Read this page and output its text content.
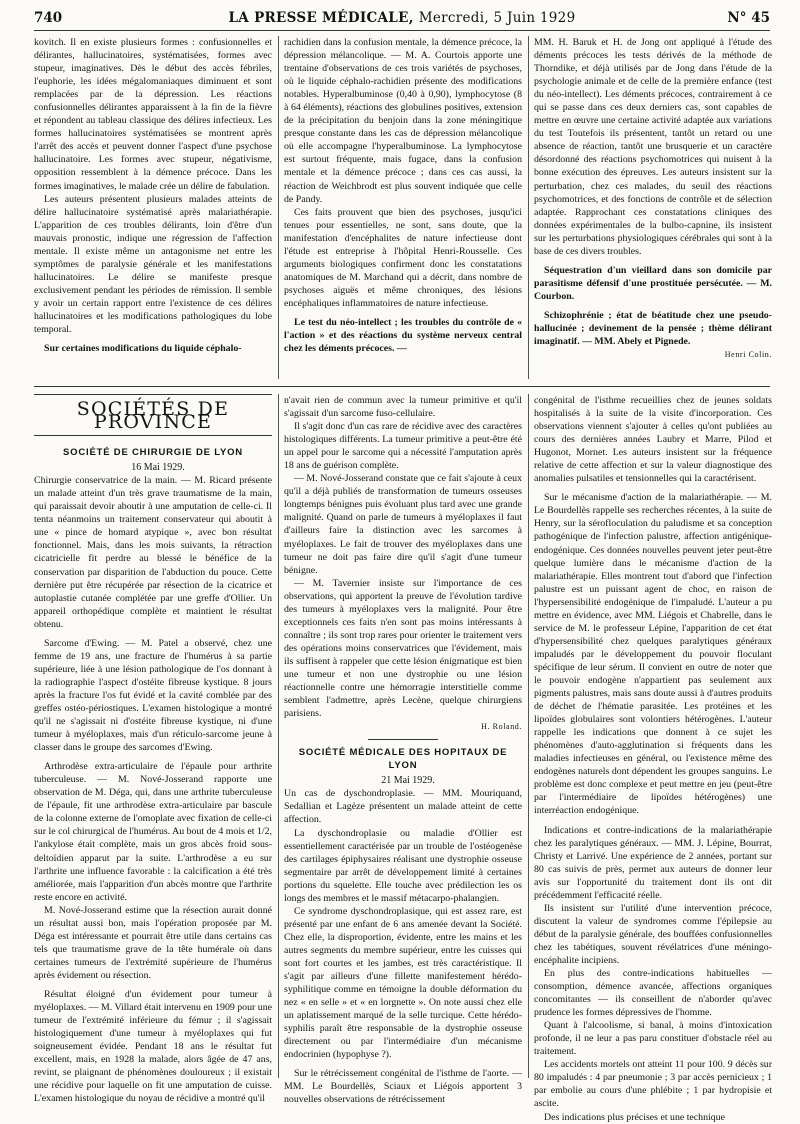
740	LA PRESSE MÉDICALE, Mercredi, 5 Juin 1929	N° 45

kovitch. Il en existe plusieurs formes : confusionnelles et délirantes, hallucinatoires, systématisées, formes avec stupeur, imaginatives. Dès le début des accès fébriles, l'euphorie, les idées mégalomaniaques diminuent et sont remplacées par de la dépression. Les réactions confusionnelles délirantes apparaissent à la fin de la fièvre et répondent au tableau classique des délires infectieux. Les formes hallucinatoires systématisées se montrent après l'arrêt des accès et peuvent donner l'aspect d'une psychose hallucinatoire. Les formes avec stupeur, négativisme, opposition ressemblent à la démence précoce. Dans les formes imaginatives, le malade crée un délire de fabulation.

Les auteurs présentent plusieurs malades atteints de délire hallucinatoire systématisé après malariathérapie. L'apparition de ces troubles délirants, loin d'être d'un mauvais pronostic, indique une régression de l'affection mentale. Il existe même un antagonisme net entre les symptômes de paralysie générale et les manifestations hallucinatoires. Le délire se manifeste presque exclusivement pendant les périodes de rémission. Il semble y avoir un certain rapport entre l'existence de ces délires hallucinatoires et les modifications pathologiques du lobe temporal.

Sur certaines modifications du liquide céphalo-

rachidien dans la confusion mentale, la démence précoce, la dépression mélancolique. — M. A. Courtois apporte une trentaine d'observations de ces trois variétés de psychoses, où le liquide céphalo-rachidien présente des modifications notables. Hyperalbuminose (0,40 à 0,90), lymphocytose (8 à 64 éléments), réactions des globulines positives, extension de la précipitation du benjoin dans la zone méningitique presque constante dans les cas de dépression mélancolique où elle accompagne l'hyperalbuminose. La lymphocytose est surtout fréquente, mais fugace, dans la confusion mentale et la démence précoce ; dans ces cas aussi, la réaction de Weichbrodt est plus souvent indiquée que celle de Pandy.

Ces faits prouvent que bien des psychoses, jusqu'ici tenues pour essentielles, ne sont, sans doute, que la manifestation d'encéphalites de nature infectieuse dont l'étude est entreprise à l'hôpital Henri-Rousselle. Ces arguments biologiques confirment donc les constatations anatomiques de M. Marchand qui a décrit, dans nombre de psychoses aiguës et même chroniques, des lésions encéphaliques inflammatoires de nature infectieuse.

Le test du néo-intellect ; les troubles du contrôle de « l'action » et des réactions du système nerveux central chez les déments précoces. —

MM. H. Baruk et H. de Jong ont appliqué à l'étude des déments précoces les tests dérivés de la méthode de Thorndike, et déjà utilisés par de Jong dans l'étude de la psychologie animale et de celle de la première enfance (test du néo-intellect). Les déments précoces, contrairement à ce qui se passe dans ces deux derniers cas, sont capables de mettre en œuvre une certaine activité adaptée aux variations du test Toutefois ils présentent, tantôt un retard ou une absence de réaction, tantôt une brusquerie et un caractère désordonné des réactions psychomotrices qui nuisent à la bonne exécution des épreuves. Les auteurs insistent sur la perturbation, chez ces malades, du seuil des réactions psychomotrices, et des fonctions de contrôle et de sélection adaptée. Rapprochant ces constatations cliniques des données expérimentales de la bulbo-capnine, ils insistent sur les perturbations physiologiques cérébrales qui sont à la base de ces divers troubles.

Séquestration d'un vieillard dans son domicile par parasitisme défensif d'une prostituée persécutée. — M. Courbon.

Schizophrénie ; état de béatitude chez une pseudo-hallucinée ; devinement de la pensée ; thème délirant imaginatif. — MM. Abely et Pignede.

Henri Colin.

SOCIÉTÉS DE PROVINCE
SOCIÉTÉ DE CHIRURGIE DE LYON

16 Mai 1929.

Chirurgie conservatrice de la main. — M. Ricard présente un malade atteint d'un très grave traumatisme de la main, qui paraissait devoir aboutir à une amputation de celle-ci. Il tenta néanmoins un traitement conservateur qui aboutit à une « pince de homard atypique », avec bon résultat fonctionnel. Mais, dans les mois suivants, la rétraction cicatricielle fit perdre au blessé le bénéfice de la conservation par disparition de l'abduction du pouce. Cette dernière put être récupérée par résection de la cicatrice et autoplastie cutanée complétée par une greffe d'Ollier. Un appareil orthopédique complète et maintient le résultat obtenu.

Sarcome d'Ewing. — M. Patel a observé, chez une femme de 19 ans, une fracture de l'humérus à sa partie supérieure, liée à une lésion pathologique de l'os donnant à la radiographie l'aspect d'ostéite fibreuse kystique. 8 jours après la fracture l'os fut évidé et la cavité comblée par des greffes ostéo-périostiques. L'examen histologique a montré qu'il ne s'agissait ni d'ostéite fibreuse kystique, ni d'une tumeur à myéloplaxes, mais d'un réticulo-sarcome jeune à classer dans le groupe des sarcomes d'Ewing.

Arthrodèse extra-articulaire de l'épaule pour arthrite tuberculeuse. — M. Nové-Josserand rapporte une observation de M. Déga, qui, dans une arthrite tuberculeuse de l'épaule, fit une arthrodèse extra-articulaire par bascule de la colonne externe de l'omoplate avec fixation de celle-ci sur le col chirurgical de l'humérus. Au bout de 4 mois et 1/2, l'ankylose était complète, mais un gros abcès froid sous-deltoïdien apparut par la suite. L'arthrodèse a eu sur l'arthrite une influence favorable : la calcification a été très améliorée, mais l'apparition d'un abcès montre que l'arthrite reste encore en activité.

M. Nové-Josserand estime que la résection aurait donné un résultat aussi bon, mais l'opération proposée par M. Déga est intéressante et pourrait être utile dans certains cas tels que traumatisme grave de la tête humérale où dans certaines tumeurs de l'extrémité supérieure de l'humérus après évidement ou résection.

Résultat éloigné d'un évidement pour tumeur à myéloplaxes. — M. Villard était intervenu en 1909 pour une tumeur de l'extrémité inférieure du fémur ; il s'agissait histologiquement d'une tumeur à myéloplaxes qui fut soigneusement évidée. Pendant 18 ans le résultat fut excellent, mais, en 1928 la malade, alors âgée de 47 ans, revint, se plaignant de phénomènes douloureux ; il existait une récidive pour laquelle on fit une amputation de cuisse. L'examen histologique du noyau de récidive a montré qu'il

n'avait rien de commun avec la tumeur primitive et qu'il s'agissait d'un sarcome fuso-cellulaire.

Il s'agit donc d'un cas rare de récidive avec des caractères histologiques différents. La tumeur primitive a peut-être été un appel pour le sarcome qui a nécessité l'amputation après 18 ans de guérison complète.

— M. Nové-Josserand constate que ce fait s'ajoute à ceux qu'il a déjà publiés de transformation de tumeurs osseuses longtemps bénignes puis évoluant plus tard avec une grande malignité. Quand on parle de tumeurs à myéloplaxes il faut d'ailleurs faire la distinction avec les sarcomes à myéloplaxes. Le fait de trouver des myéloplaxes dans une tumeur ne doit pas faire dire qu'il s'agit d'une tumeur bénigne.

— M. Tavernier insiste sur l'importance de ces observations, qui apportent la preuve de l'évolution tardive des tumeurs à myéloplaxes vers la malignité. Pour être exceptionnels ces faits n'en sont pas moins intéressants à connaître ; ils sont trop rares pour orienter le traitement vers des opérations moins conservatrices que l'évidement, mais ils suffisent à rappeler que cette lésion énigmatique est bien une tumeur et non une dystrophie ou une lésion réactionnelle contre une hémorragie interstitielle comme semblent l'admettre, après Lecène, quelque chirurgiens parisiens.

H. Roland.

SOCIÉTÉ MÉDICALE DES HOPITAUX DE LYON

21 Mai 1929.

Un cas de dyschondroplasie. — MM. Mouriquand, Sedallian et Lagèze présentent un malade atteint de cette affection.

La dyschondroplasie ou maladie d'Ollier est essentiellement caractérisée par un trouble de l'ostéogenèse des cartilages épiphysaires réalisant une dystrophie osseuse segmentaire par arrêt de développement limité à certaines portions du squelette. Elle touche avec prédilection les os longs des membres et le massif métacarpo-phalangien.

Ce syndrome dyschondroplasique, qui est assez rare, est présenté par une enfant de 6 ans amenée devant la Société. Chez elle, la disproportion, évidente, entre les mains et les autres segments du membre supérieur, entre les cuisses qui sont fort courtes et les jambes, est très caractéristique. Il s'agit par ailleurs d'une fillette manifestement hérédo-syphilitique comme en témoigne la double déformation du nez « en selle » et « en lorgnette ». On note aussi chez elle un aplatissement marqué de la selle turcique. Cette hérédo-syphilis paraît être responsable de la dystrophie osseuse directement ou par l'intermédiaire d'un mécanisme endocrinien (hypophyse ?).

Sur le rétrécissement congénital de l'isthme de l'aorte. — MM. Le Bourdellès, Sciaux et Liégois apportent 3 nouvelles observations de rétrécissement

congénital de l'isthme recueillies chez de jeunes soldats hospitalisés à la suite de la visite d'incorporation. Ces observations viennent s'ajouter à celles qu'ont publiées au cours des dernières années Laubry et Marre, Pilod et Hugonot, Mornet. Les auteurs insistent sur la fréquence relative de cette affection et sur la valeur diagnostique des anomalies pulsatiles et tensionnelles qui la caractérisent.

Sur le mécanisme d'action de la malariathérapie. — M. Le Bourdellès rappelle ses recherches récentes, à la suite de Henry, sur la sérofloculation du paludisme et sa conception pathogénique de l'infection palustre, affection antigénique-endogénique. Ces données nouvelles peuvent jeter peut-être quelque lumière dans le mécanisme d'action de la malariathérapie. Elles montrent tout d'abord que l'infection palustre est un puissant agent de choc, en raison de l'hypersensibilité endogénique de l'impaludé. L'auteur a pu mettre en évidence, avec MM. Liégois et Chabrelle, dans le service de M. le professeur Lépine, l'apparition de cet état d'hypersensibilité chez quelques paralytiques généraux impaludés par le développement du pouvoir floculant spécifique de leur sérum. Il convient en outre de noter que le pouvoir endogène n'appartient pas seulement aux pigments palustres, mais sans doute aussi à d'autres produits de déchet de l'hématie parasitée. Les protéines et les lipoïdes globulaires sont volontiers hétérogènes. L'auteur rappelle les indications que donnent à ce sujet les phénomènes d'auto-agglutination si fréquents dans les maladies infectieuses en général, ou l'existence même des endogènes naturels dont dépendent les groupes sanguins. Le problème est donc complexe et peut mettre en jeu (peut-être par l'intermédiaire de lipoïdes hétérogènes) une interréaction endogénique.

Indications et contre-indications de la malariathérapie chez les paralytiques généraux. — MM. J. Lépine, Bourrat, Christy et Larrivé. Une expérience de 2 années, portant sur 80 cas suivis de près, permet aux auteurs de donner leur avis sur l'opportunité du traitement dont ils ont dit précédemment l'efficacité réelle.

Ils insistent sur l'utilité d'une intervention précoce, discutent la valeur de syndromes comme l'épilepsie au début de la paralysie générale, des bouffées confusionnelles chez les tabétiques, souvent révélatrices d'une méningo-encéphalite incipiens.

En plus des contre-indications habituelles — consomption, démence avancée, affections organiques concomitantes — ils conseillent de n'aborder qu'avec prudence les formes dépressives de l'homme.

Quant à l'alcoolisme, si banal, à moins d'intoxication profonde, il ne leur a pas paru constituer d'obstacle réel au traitement.

Les accidents mortels ont atteint 11 pour 100. 9 décès sur 80 impaludés : 4 par pneumonie ; 3 par accès pernicieux ; 1 par embolie au cours d'une phlébite ; 1 par hydropisie et ascite.

Des indications plus précises et une technique
